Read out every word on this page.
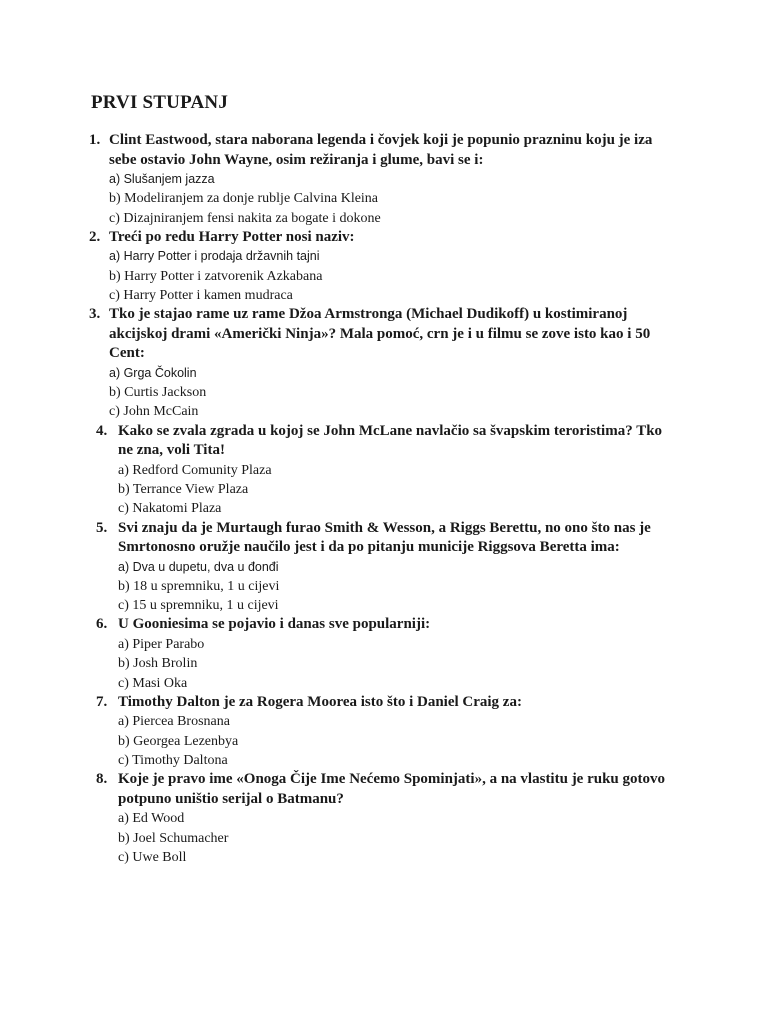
PRVI STUPANJ
1. Clint Eastwood, stara naborana legenda i čovjek koji je popunio prazninu koju je iza sebe ostavio John Wayne, osim režiranja i glume, bavi se i:

a) Slušanjem jazza
b) Modeliranjem za donje rublje Calvina Kleina
c) Dizajniranjem fensi nakita za bogate i dokone
2. Treći po redu Harry Potter nosi naziv:

a) Harry Potter i prodaja državnih tajni
b) Harry Potter i zatvorenik Azkabana
c) Harry Potter i kamen mudraca
3. Tko je stajao rame uz rame Džoa Armstronga (Michael Dudikoff) u kostimiranoj akcijskoj drami «Američki Ninja»? Mala pomoć, crn je i u filmu se zove isto kao i 50 Cent:

a) Grga Čokolin
b) Curtis Jackson
c) John McCain
4. Kako se zvala zgrada u kojoj se John McLane navlačio sa švapskim teroristima? Tko ne zna, voli Tita!

a) Redford Comunity Plaza
b) Terrance View Plaza
c) Nakatomi Plaza
5. Svi znaju da je Murtaugh furao Smith & Wesson, a Riggs Berettu, no ono što nas je Smrtonosno oružje naučilo jest i da po pitanju municije Riggsova Beretta ima:

a) Dva u dupetu, dva u đonđi
b) 18 u spremniku, 1 u cijevi
c) 15 u spremniku, 1 u cijevi
6. U Gooniesima se pojavio i danas sve popularniji:

a) Piper Parabo
b) Josh Brolin
c) Masi Oka
7. Timothy Dalton je za Rogera Moorea isto što i Daniel Craig za:

a) Piercea Brosnana
b) Georgea Lezenbya
c) Timothy Daltona
8. Koje je pravo ime «Onoga Čije Ime Nećemo Spominjati», a na vlastitu je ruku gotovo potpuno uništio serijal o Batmanu?

a) Ed Wood
b) Joel Schumacher
c) Uwe Boll
